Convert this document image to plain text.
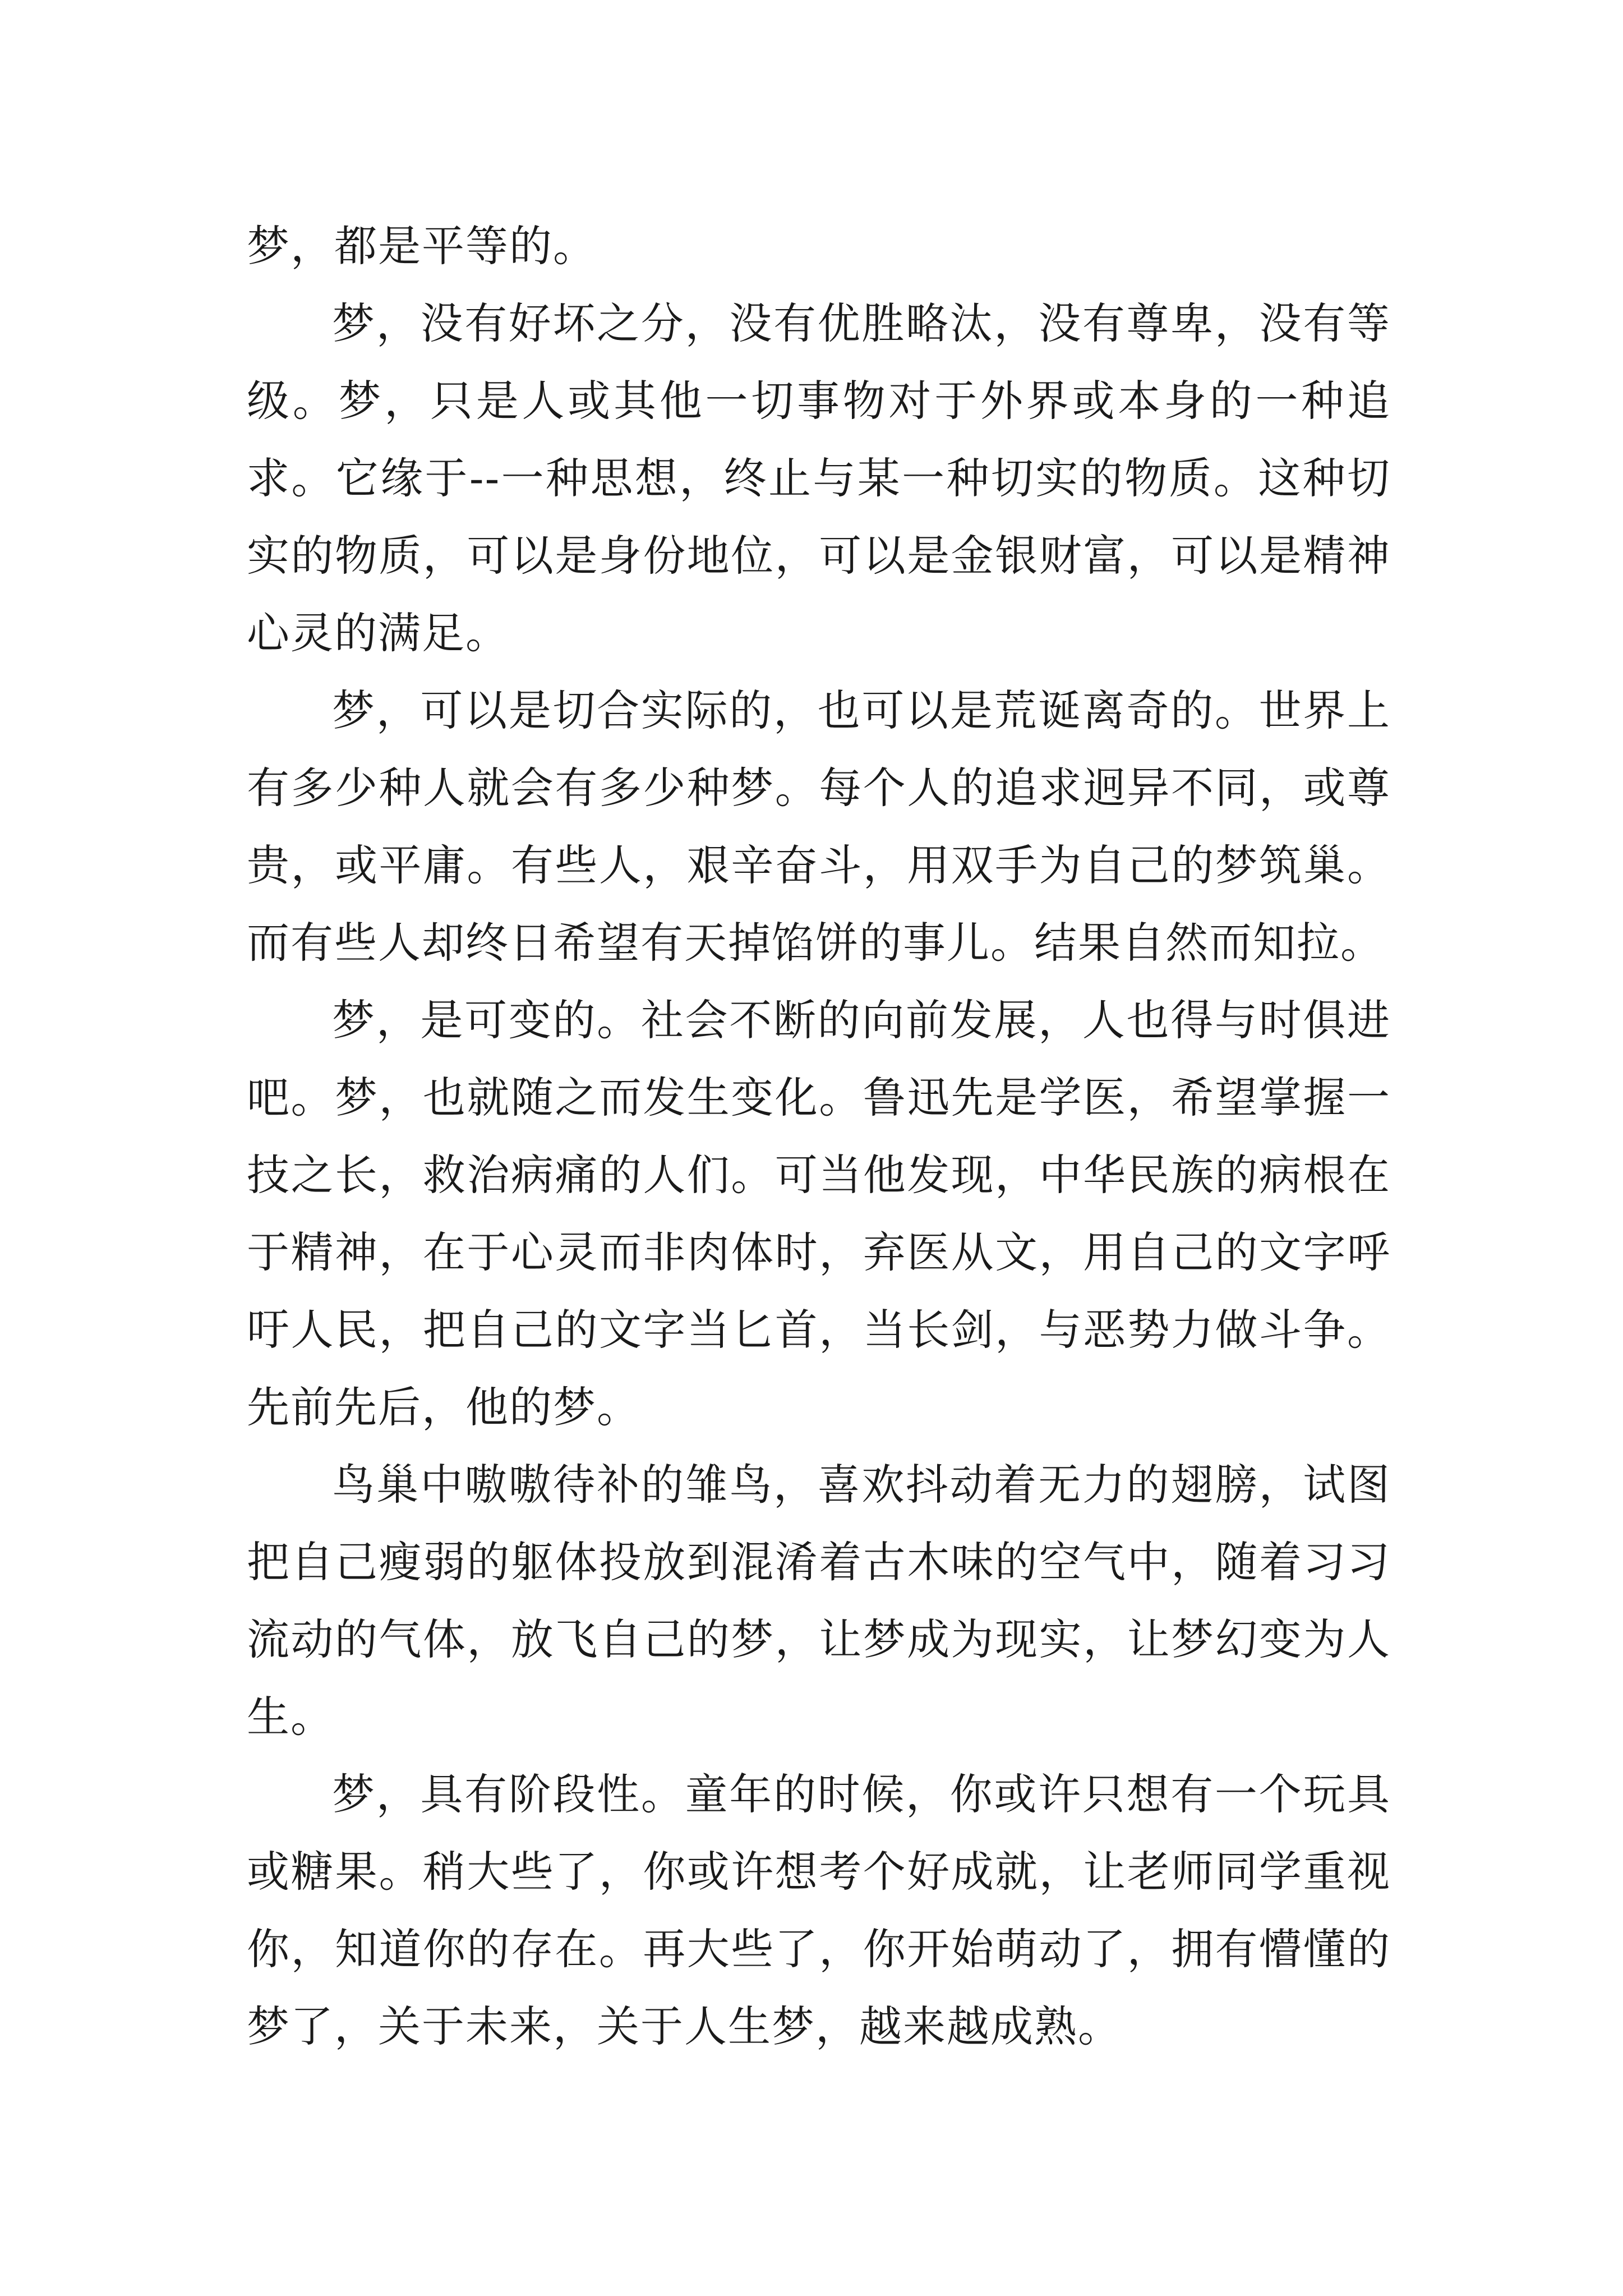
梦，都是平等的。

梦，没有好坏之分，没有优胜略汰，没有尊卑，没有等级。梦，只是人或其他一切事物对于外界或本身的一种追求。它缘于--一种思想，终止与某一种切实的物质。这种切实的物质，可以是身份地位，可以是金银财富，可以是精神心灵的满足。

梦，可以是切合实际的，也可以是荒诞离奇的。世界上有多少种人就会有多少种梦。每个人的追求迥异不同，或尊贵，或平庸。有些人，艰辛奋斗，用双手为自己的梦筑巢。而有些人却终日希望有天掉馅饼的事儿。结果自然而知拉。

梦，是可变的。社会不断的向前发展，人也得与时俱进吧。梦，也就随之而发生变化。鲁迅先是学医，希望掌握一技之长，救治病痛的人们。可当他发现，中华民族的病根在于精神，在于心灵而非肉体时，弃医从文，用自己的文字呼吁人民，把自己的文字当匕首，当长剑，与恶势力做斗争。先前先后，他的梦。

鸟巢中嗷嗷待补的雏鸟，喜欢抖动着无力的翅膀，试图把自己瘦弱的躯体投放到混淆着古木味的空气中，随着习习流动的气体，放飞自己的梦，让梦成为现实，让梦幻变为人生。

梦，具有阶段性。童年的时候，你或许只想有一个玩具或糖果。稍大些了，你或许想考个好成就，让老师同学重视你，知道你的存在。再大些了，你开始萌动了，拥有懵懂的梦了，关于未来，关于人生梦，越来越成熟。
